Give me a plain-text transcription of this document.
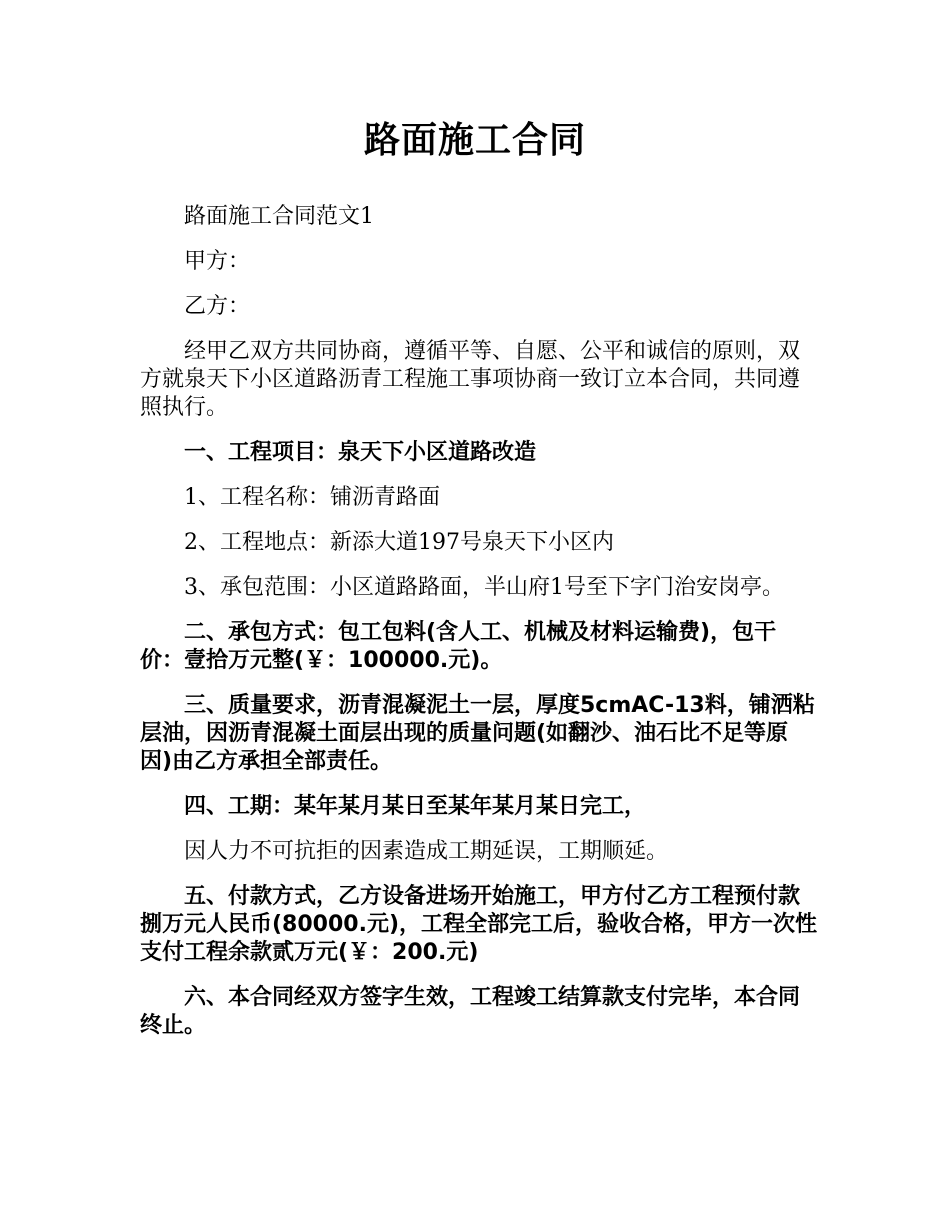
路面施工合同

路面施工合同范文1

甲方：

乙方：

经甲乙双方共同协商，遵循平等、自愿、公平和诚信的原则，双方就泉天下小区道路沥青工程施工事项协商一致订立本合同，共同遵照执行。

一、工程项目：泉天下小区道路改造

1、工程名称：铺沥青路面

2、工程地点：新添大道197号泉天下小区内

3、承包范围：小区道路路面，半山府1号至下字门治安岗亭。

二、承包方式：包工包料(含人工、机械及材料运输费)，包干价：壹拾万元整(￥：100000.元)。

三、质量要求，沥青混凝泥土一层，厚度5cmAC-13料，铺洒粘层油，因沥青混凝土面层出现的质量问题(如翻沙、油石比不足等原因)由乙方承担全部责任。

四、工期：某年某月某日至某年某月某日完工，

因人力不可抗拒的因素造成工期延误，工期顺延。

五、付款方式，乙方设备进场开始施工，甲方付乙方工程预付款捌万元人民币(80000.元)，工程全部完工后，验收合格，甲方一次性支付工程余款贰万元(￥：200.元)

六、本合同经双方签字生效，工程竣工结算款支付完毕，本合同终止。
